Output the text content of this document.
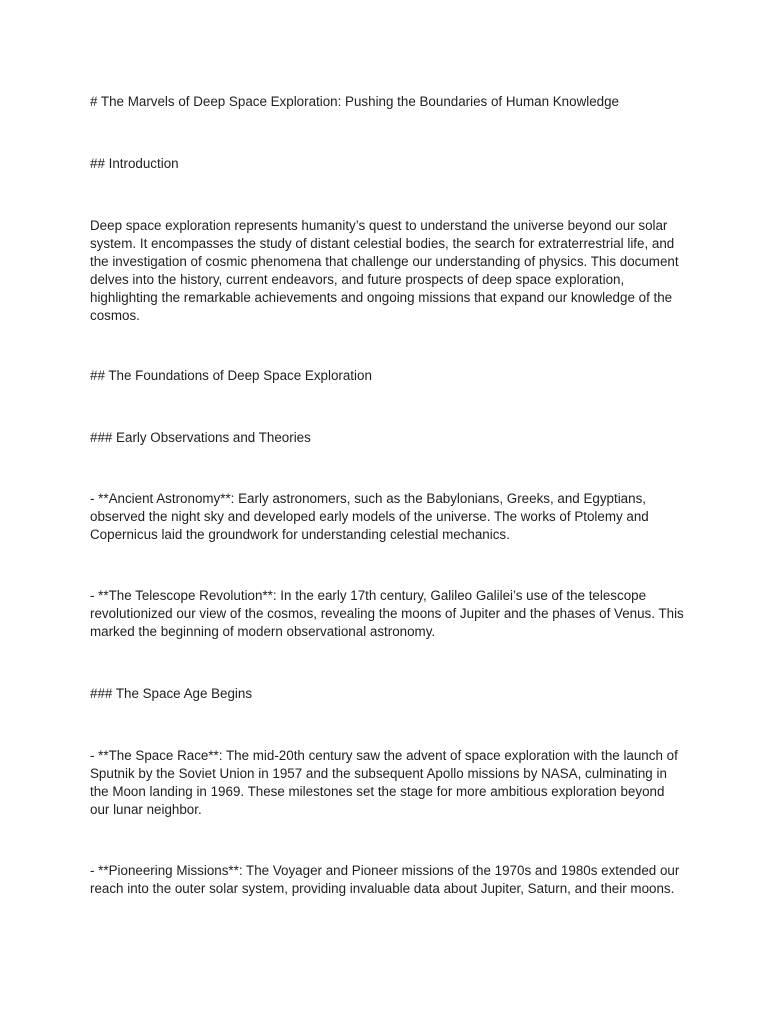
# The Marvels of Deep Space Exploration: Pushing the Boundaries of Human Knowledge

## Introduction

Deep space exploration represents humanity’s quest to understand the universe beyond our solar system. It encompasses the study of distant celestial bodies, the search for extraterrestrial life, and the investigation of cosmic phenomena that challenge our understanding of physics. This document delves into the history, current endeavors, and future prospects of deep space exploration, highlighting the remarkable achievements and ongoing missions that expand our knowledge of the cosmos.

## The Foundations of Deep Space Exploration

### Early Observations and Theories

- **Ancient Astronomy**: Early astronomers, such as the Babylonians, Greeks, and Egyptians, observed the night sky and developed early models of the universe. The works of Ptolemy and Copernicus laid the groundwork for understanding celestial mechanics.

- **The Telescope Revolution**: In the early 17th century, Galileo Galilei’s use of the telescope revolutionized our view of the cosmos, revealing the moons of Jupiter and the phases of Venus. This marked the beginning of modern observational astronomy.

### The Space Age Begins

- **The Space Race**: The mid-20th century saw the advent of space exploration with the launch of Sputnik by the Soviet Union in 1957 and the subsequent Apollo missions by NASA, culminating in the Moon landing in 1969. These milestones set the stage for more ambitious exploration beyond our lunar neighbor.

- **Pioneering Missions**: The Voyager and Pioneer missions of the 1970s and 1980s extended our reach into the outer solar system, providing invaluable data about Jupiter, Saturn, and their moons.
